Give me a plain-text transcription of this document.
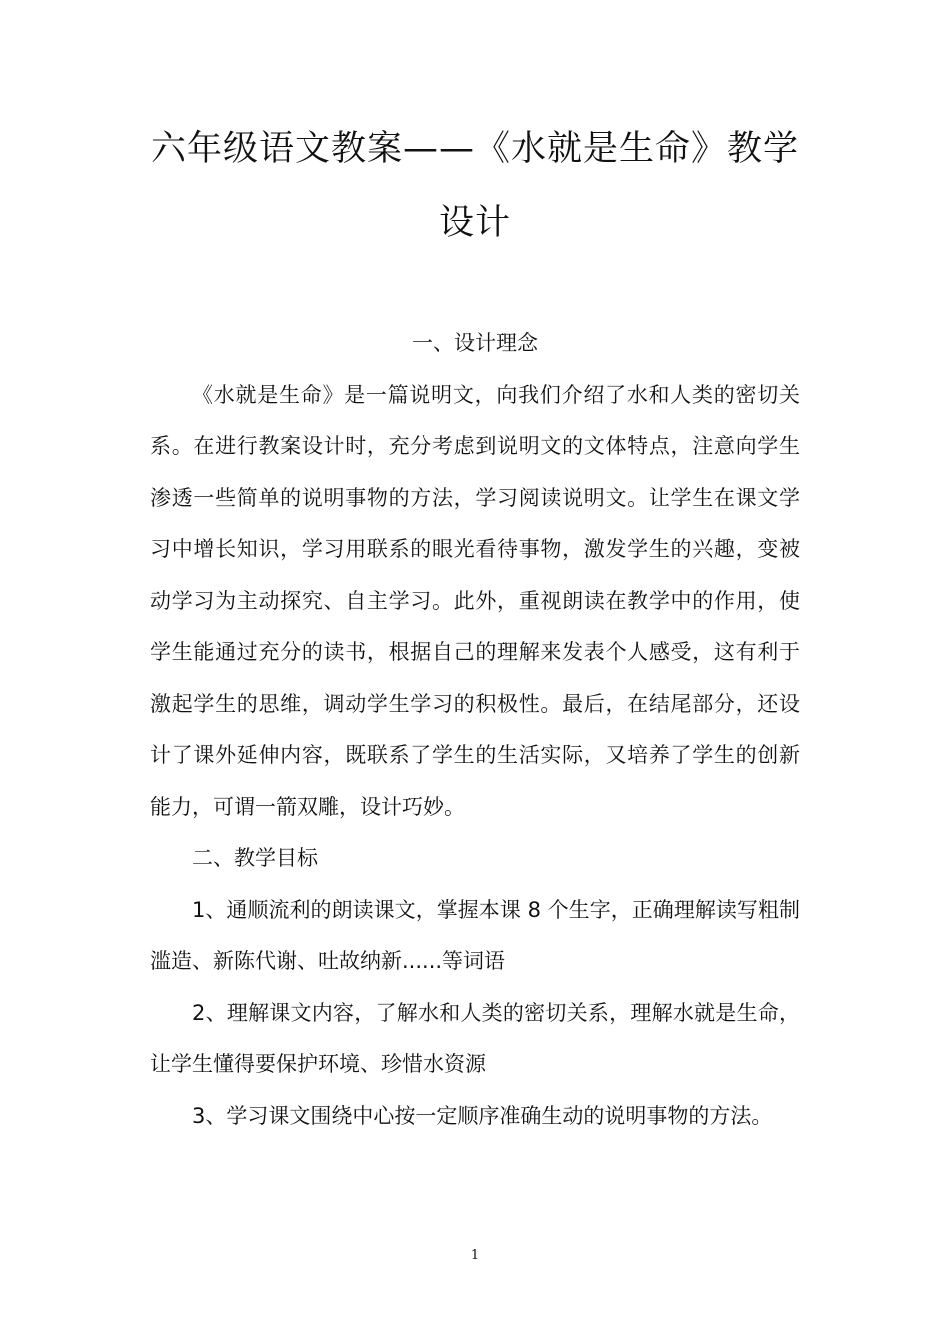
六年级语文教案——《水就是生命》教学设计

一、设计理念

《水就是生命》是一篇说明文，向我们介绍了水和人类的密切关系。在进行教案设计时，充分考虑到说明文的文体特点，注意向学生渗透一些简单的说明事物的方法，学习阅读说明文。让学生在课文学习中增长知识，学习用联系的眼光看待事物，激发学生的兴趣，变被动学习为主动探究、自主学习。此外，重视朗读在教学中的作用，使学生能通过充分的读书，根据自己的理解来发表个人感受，这有利于激起学生的思维，调动学生学习的积极性。最后，在结尾部分，还设计了课外延伸内容，既联系了学生的生活实际，又培养了学生的创新能力，可谓一箭双雕，设计巧妙。

二、教学目标

1、通顺流利的朗读课文，掌握本课 8 个生字，正确理解读写粗制滥造、新陈代谢、吐故纳新......等词语

2、理解课文内容，了解水和人类的密切关系，理解水就是生命，让学生懂得要保护环境、珍惜水资源

3、学习课文围绕中心按一定顺序准确生动的说明事物的方法。

1
